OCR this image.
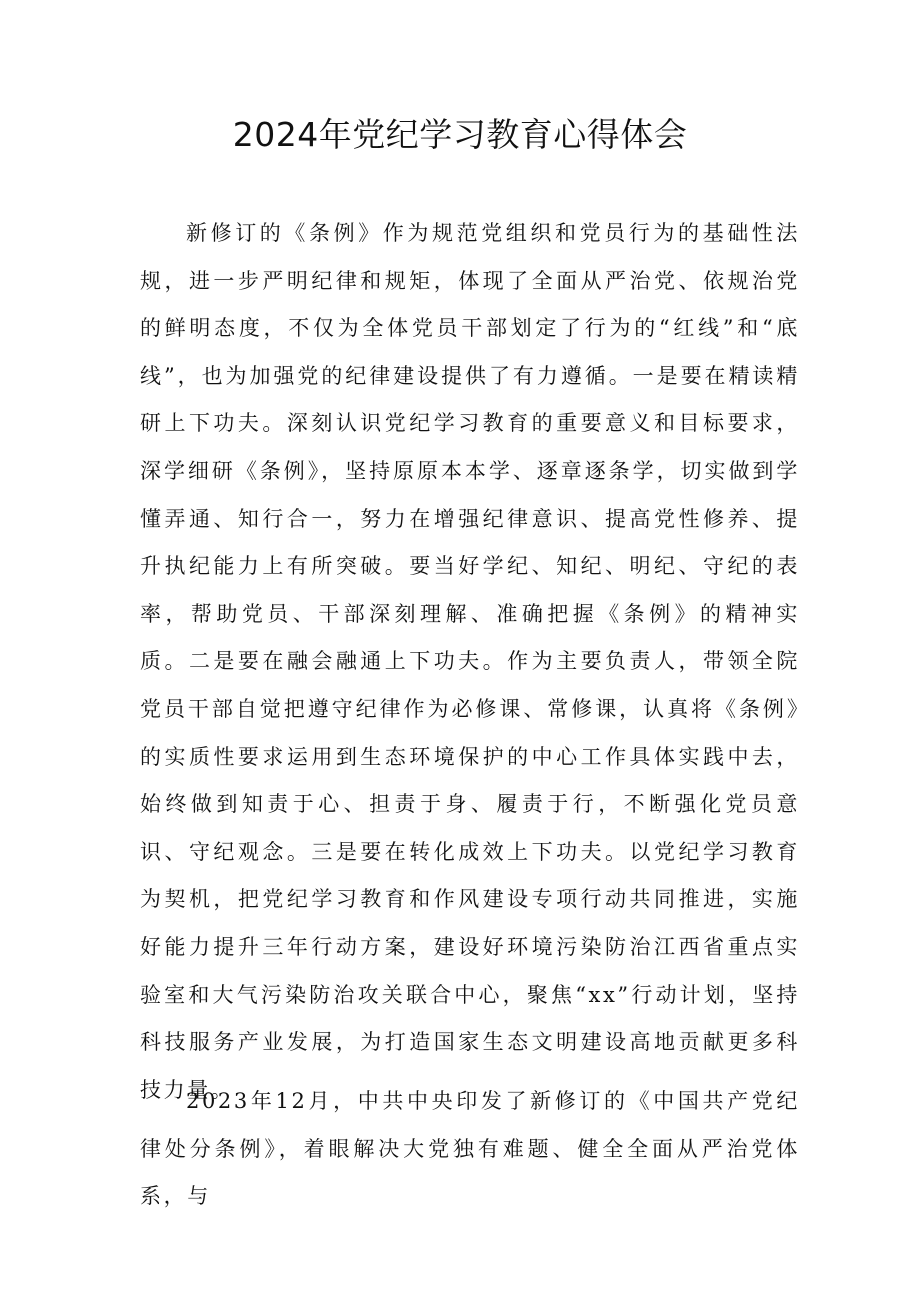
2024年党纪学习教育心得体会

新修订的《条例》作为规范党组织和党员行为的基础性法规，进一步严明纪律和规矩，体现了全面从严治党、依规治党的鲜明态度，不仅为全体党员干部划定了行为的“红线”和“底线”，也为加强党的纪律建设提供了有力遵循。一是要在精读精研上下功夫。深刻认识党纪学习教育的重要意义和目标要求，深学细研《条例》，坚持原原本本学、逐章逐条学，切实做到学懂弄通、知行合一，努力在增强纪律意识、提高党性修养、提升执纪能力上有所突破。要当好学纪、知纪、明纪、守纪的表率，帮助党员、干部深刻理解、准确把握《条例》的精神实质。二是要在融会融通上下功夫。作为主要负责人，带领全院党员干部自觉把遵守纪律作为必修课、常修课，认真将《条例》的实质性要求运用到生态环境保护的中心工作具体实践中去，始终做到知责于心、担责于身、履责于行，不断强化党员意识、守纪观念。三是要在转化成效上下功夫。以党纪学习教育为契机，把党纪学习教育和作风建设专项行动共同推进，实施好能力提升三年行动方案，建设好环境污染防治江西省重点实验室和大气污染防治攻关联合中心，聚焦“xx”行动计划，坚持科技服务产业发展，为打造国家生态文明建设高地贡献更多科技力量。

2023年12月，中共中央印发了新修订的《中国共产党纪律处分条例》，着眼解决大党独有难题、健全全面从严治党体系，与
